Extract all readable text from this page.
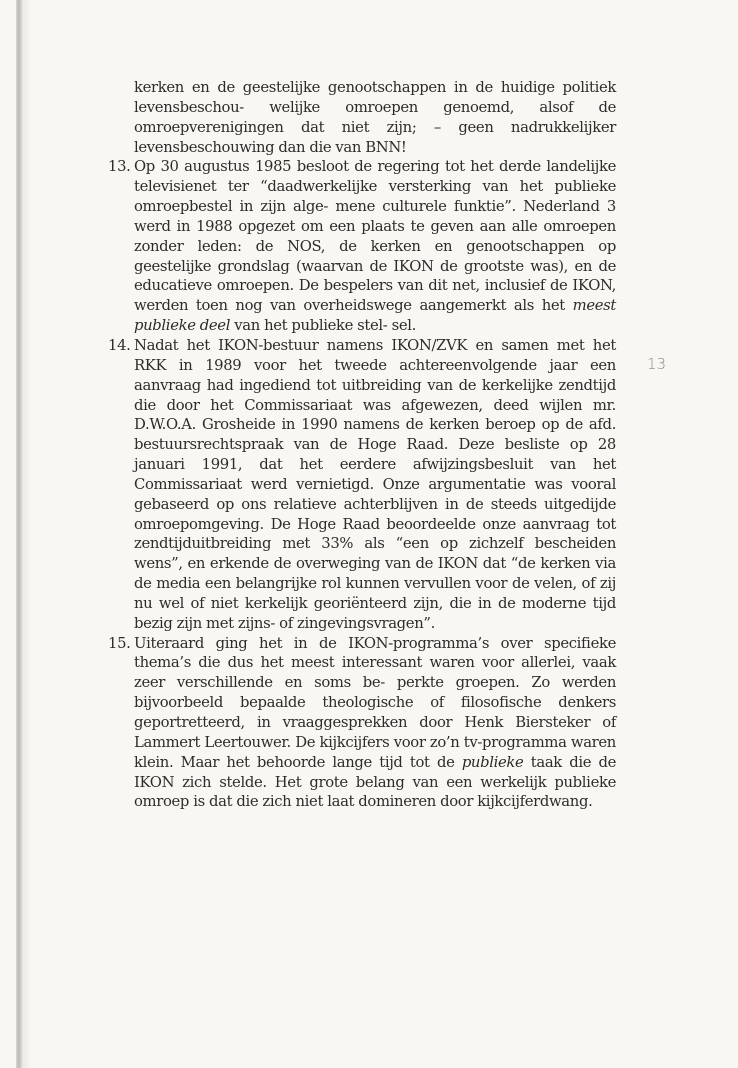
kerken en de geestelijke genootschappen in de huidige politiek levensbeschou- welijke omroepen genoemd, alsof de omroepverenigingen dat niet zijn; – geen nadrukkelijker levensbeschouwing dan die van BNN!

13. Op 30 augustus 1985 besloot de regering tot het derde landelijke televisienet ter “daadwerkelijke versterking van het publieke omroepbestel in zijn alge- mene culturele funktie”. Nederland 3 werd in 1988 opgezet om een plaats te geven aan alle omroepen zonder leden: de NOS, de kerken en genootschappen op geestelijke grondslag (waarvan de IKON de grootste was), en de educatieve omroepen. De bespelers van dit net, inclusief de IKON, werden toen nog van overheidswege aangemerkt als het meest publieke deel van het publieke stel- sel.
14. Nadat het IKON-bestuur namens IKON/ZVK en samen met het RKK in 1989 voor het tweede achtereenvolgende jaar een aanvraag had ingediend tot uitbreiding van de kerkelijke zendtijd die door het Commissariaat was afgewezen, deed wijlen mr. D.W.O.A. Grosheide in 1990 namens de kerken beroep op de afd. bestuursrechtspraak van de Hoge Raad. Deze besliste op 28 januari 1991, dat het eerdere afwijzingsbesluit van het Commissariaat werd vernietigd. Onze argumentatie was vooral gebaseerd op ons relatieve achterblijven in de steeds uitgedijde omroepomgeving. De Hoge Raad beoordeelde onze aanvraag tot zendtijduitbreiding met 33% als “een op zichzelf bescheiden wens”, en erkende de overweging van de IKON dat “de kerken via de media een belangrijke rol kunnen vervullen voor de velen, of zij nu wel of niet kerkelijk georiënteerd zijn, die in de moderne tijd bezig zijn met zijns- of zingevingsvragen”.
15. Uiteraard ging het in de IKON-programma’s over specifieke thema’s die dus het meest interessant waren voor allerlei, vaak zeer verschillende en soms be- perkte groepen. Zo werden bijvoorbeeld bepaalde theologische of filosofische denkers geportretteerd, in vraaggesprekken door Henk Biersteker of Lammert Leertouwer. De kijkcijfers voor zo’n tv-programma waren klein. Maar het behoorde lange tijd tot de publieke taak die de IKON zich stelde. Het grote belang van een werkelijk publieke omroep is dat die zich niet laat domineren door kijkcijferdwang.
13
